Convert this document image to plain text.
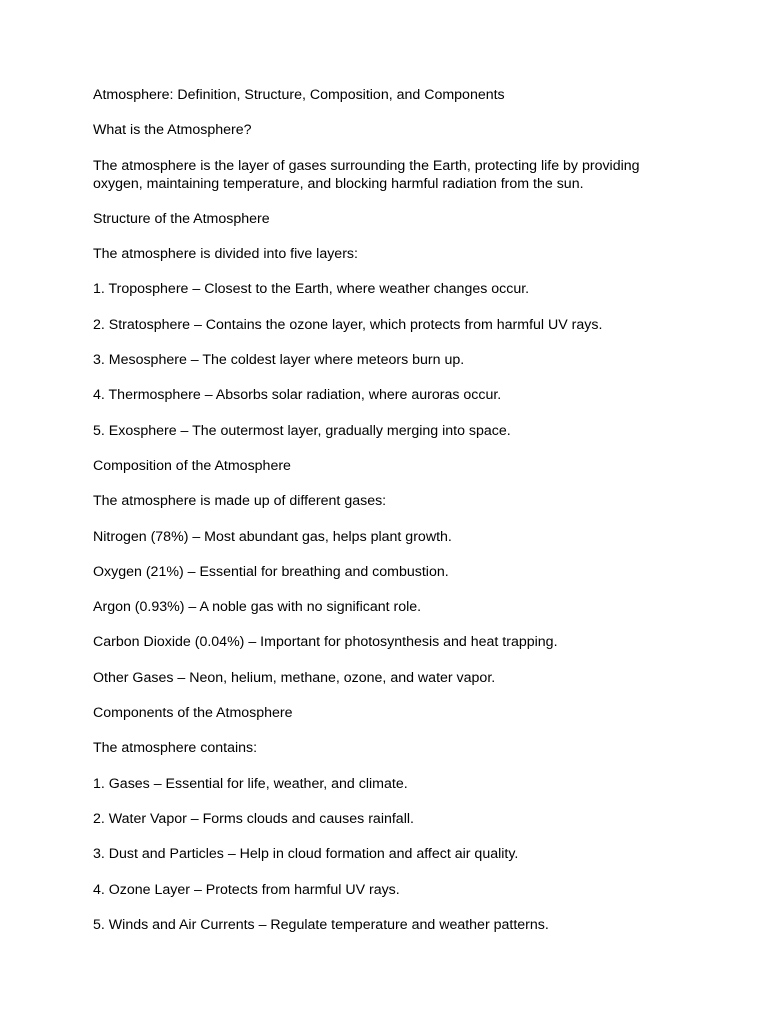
Atmosphere: Definition, Structure, Composition, and Components
What is the Atmosphere?
The atmosphere is the layer of gases surrounding the Earth, protecting life by providing oxygen, maintaining temperature, and blocking harmful radiation from the sun.
Structure of the Atmosphere
The atmosphere is divided into five layers:
1. Troposphere – Closest to the Earth, where weather changes occur.
2. Stratosphere – Contains the ozone layer, which protects from harmful UV rays.
3. Mesosphere – The coldest layer where meteors burn up.
4. Thermosphere – Absorbs solar radiation, where auroras occur.
5. Exosphere – The outermost layer, gradually merging into space.
Composition of the Atmosphere
The atmosphere is made up of different gases:
Nitrogen (78%) – Most abundant gas, helps plant growth.
Oxygen (21%) – Essential for breathing and combustion.
Argon (0.93%) – A noble gas with no significant role.
Carbon Dioxide (0.04%) – Important for photosynthesis and heat trapping.
Other Gases – Neon, helium, methane, ozone, and water vapor.
Components of the Atmosphere
The atmosphere contains:
1. Gases – Essential for life, weather, and climate.
2. Water Vapor – Forms clouds and causes rainfall.
3. Dust and Particles – Help in cloud formation and affect air quality.
4. Ozone Layer – Protects from harmful UV rays.
5. Winds and Air Currents – Regulate temperature and weather patterns.
